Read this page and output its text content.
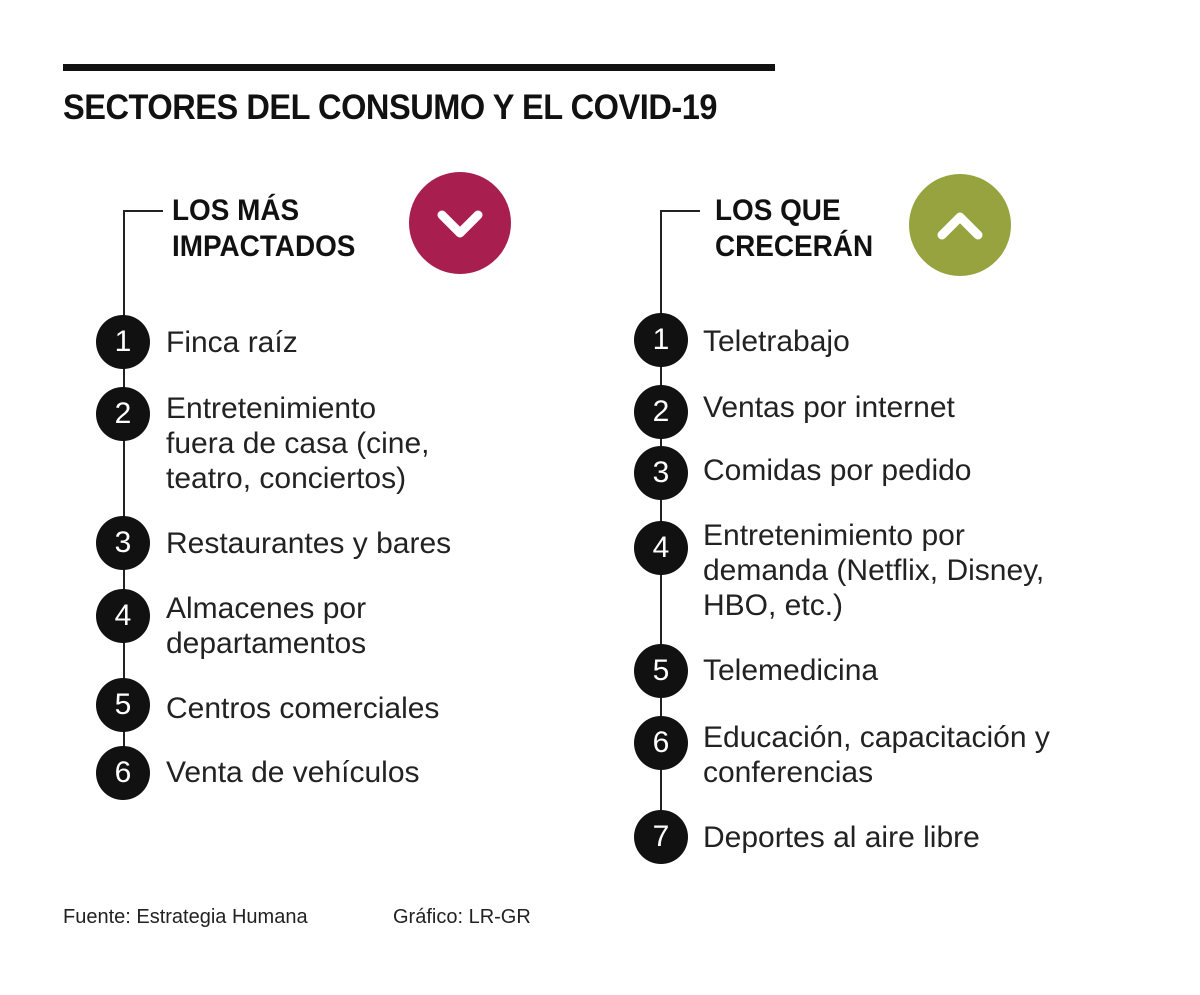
SECTORES DEL CONSUMO Y EL COVID-19
LOS MÁS
IMPACTADOS
1	Finca raíz

2	Entretenimiento
fuera de casa (cine,
teatro, conciertos)

3	Restaurantes y bares

4	Almacenes por
departamentos

5	Centros comerciales

6	Venta de vehículos

LOS QUE
CRECERÁN
1	Teletrabajo

2	Ventas por internet

3	Comidas por pedido

4	Entretenimiento por
demanda (Netflix, Disney,
HBO, etc.)

5	Telemedicina

6	Educación, capacitación y
conferencias

7	Deportes al aire libre

Fuente: Estrategia Humana	Gráfico: LR-GR
